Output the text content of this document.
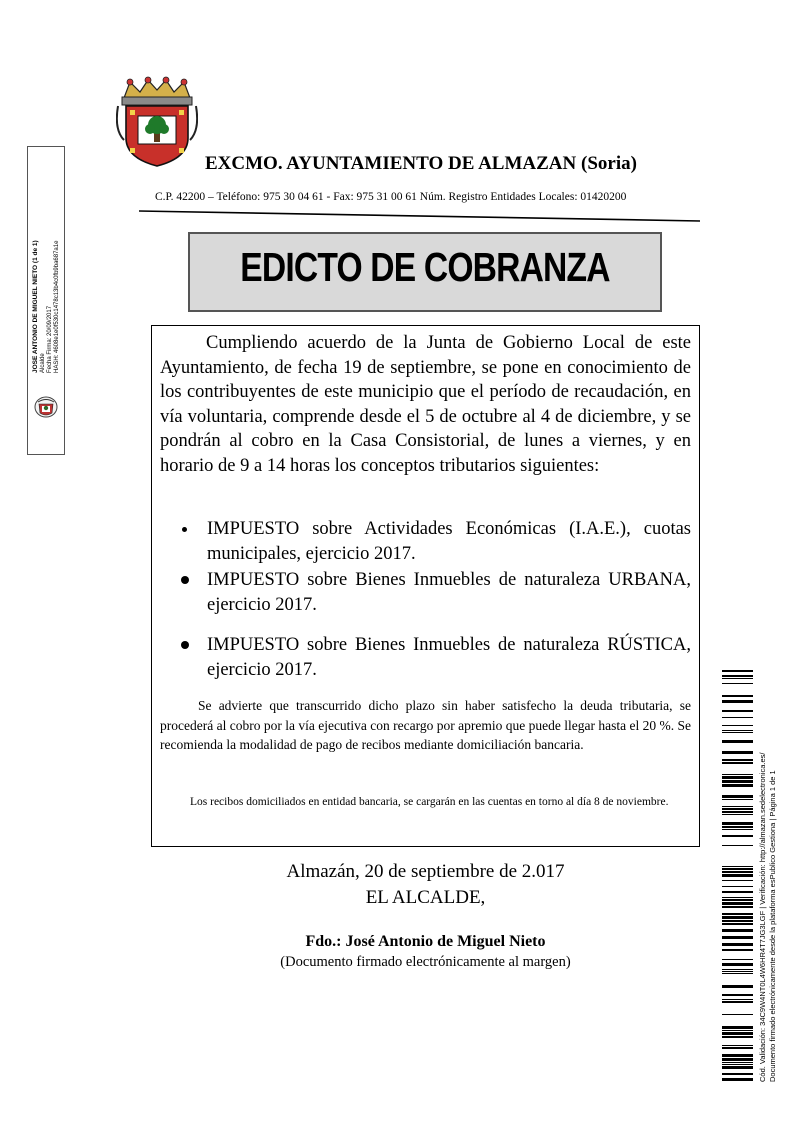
JOSE ANTONIO DE MIGUEL NIETO (1 de 1)
Alcalde
Fecha Firma: 20/09/2017
HASH: 4608e1e0f530c1478c13b4c0fb9ba687a1e
EXCMO. AYUNTAMIENTO DE ALMAZAN (Soria)
C.P. 42200 – Teléfono: 975 30 04 61 - Fax: 975 31 00 61 Núm. Registro Entidades Locales: 01420200
EDICTO DE COBRANZA
Cumpliendo acuerdo de la Junta de Gobierno Local de este Ayuntamiento, de fecha 19 de septiembre, se pone en conocimiento de los contribuyentes de este municipio que el período de recaudación, en vía voluntaria, comprende desde el 5 de octubre al 4 de diciembre, y se pondrán al cobro en la Casa Consistorial, de lunes a viernes, y en horario de 9 a 14 horas los conceptos tributarios siguientes:
IMPUESTO sobre Actividades Económicas (I.A.E.), cuotas municipales, ejercicio 2017.
IMPUESTO sobre Bienes Inmuebles de naturaleza URBANA, ejercicio 2017.
IMPUESTO sobre Bienes Inmuebles de naturaleza RÚSTICA, ejercicio 2017.
Se advierte que transcurrido dicho plazo sin haber satisfecho la deuda tributaria, se procederá al cobro por la vía ejecutiva con recargo por apremio que puede llegar hasta el 20 %. Se recomienda la modalidad de pago de recibos mediante domiciliación bancaria.
Los recibos domiciliados en entidad bancaria, se cargarán en las cuentas en torno al día 8 de noviembre.
Almazán, 20 de septiembre de 2.017
EL ALCALDE,
Fdo.: José Antonio de Miguel Nieto
(Documento firmado electrónicamente al margen)	Cód. Validación: 34C9W4NT0L4W6HR4T7JG3LGF | Verificación: http://almazan.sedelectronica.es/
Documento firmado electrónicamente desde la plataforma esPublico Gestiona | Página 1 de 1
